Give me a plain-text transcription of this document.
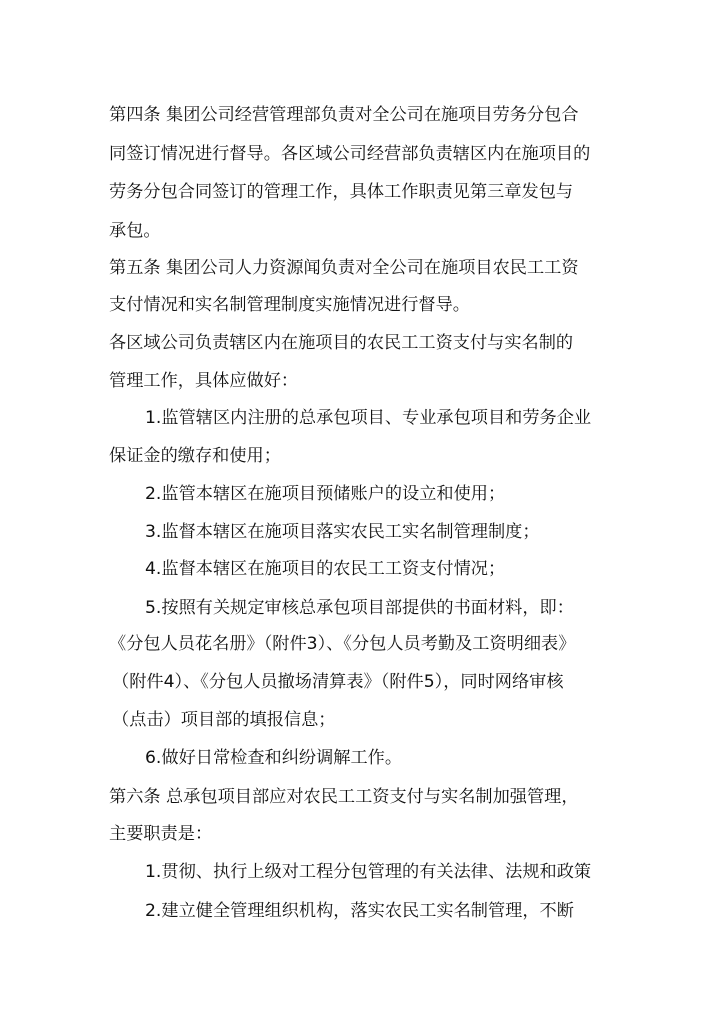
第四条 集团公司经营管理部负责对全公司在施项目劳务分包合
同签订情况进行督导。各区域公司经营部负责辖区内在施项目的
劳务分包合同签订的管理工作，具体工作职责见第三章发包与
承包。
第五条 集团公司人力资源闻负责对全公司在施项目农民工工资
支付情况和实名制管理制度实施情况进行督导。
各区域公司负责辖区内在施项目的农民工工资支付与实名制的
管理工作，具体应做好：
1.监管辖区内注册的总承包项目、专业承包项目和劳务企业
保证金的缴存和使用；
2.监管本辖区在施项目预储账户的设立和使用；
3.监督本辖区在施项目落实农民工实名制管理制度；
4.监督本辖区在施项目的农民工工资支付情况；
5.按照有关规定审核总承包项目部提供的书面材料，即：
《分包人员花名册》（附件3）、《分包人员考勤及工资明细表》
（附件4）、《分包人员撤场清算表》（附件5），同时网络审核
（点击）项目部的填报信息；
6.做好日常检查和纠纷调解工作。
第六条 总承包项目部应对农民工工资支付与实名制加强管理，
主要职责是：
1.贯彻、执行上级对工程分包管理的有关法律、法规和政策
2.建立健全管理组织机构，落实农民工实名制管理，不断
